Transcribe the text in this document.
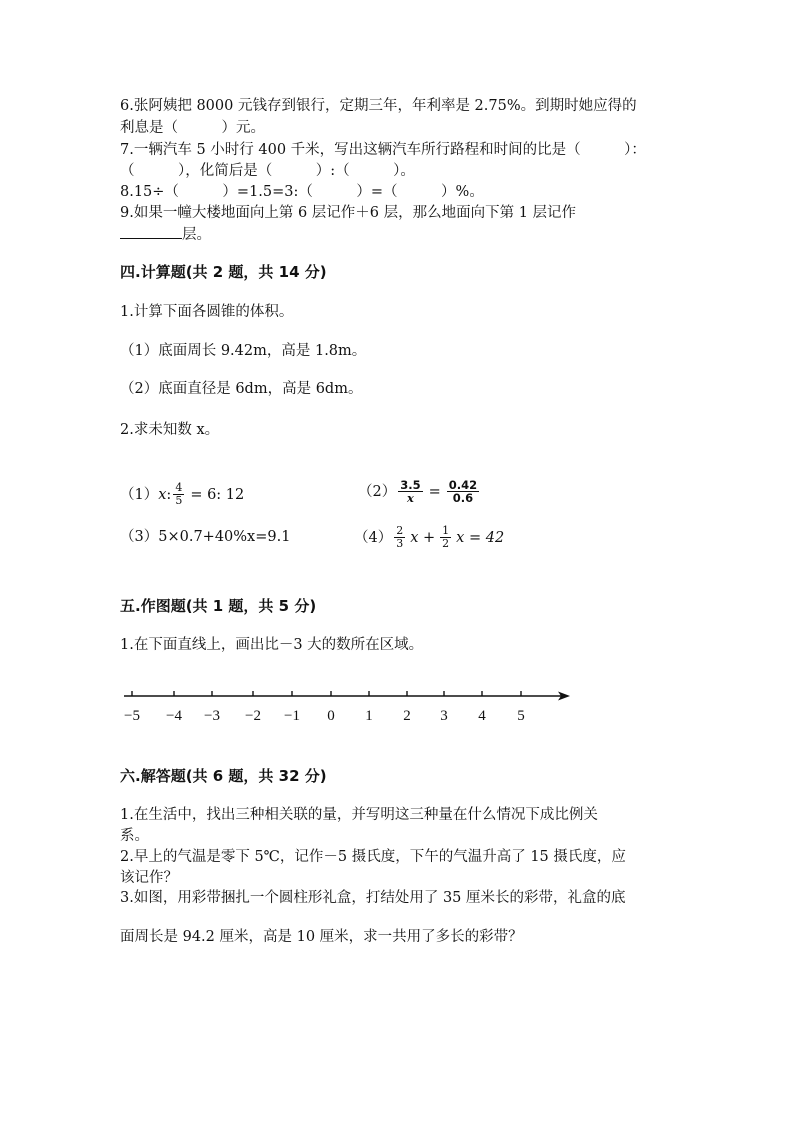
6.张阿姨把 8000 元钱存到银行，定期三年，年利率是 2.75%。到期时她应得的
利息是（　　　）元。
7.一辆汽车 5 小时行 400 千米，写出这辆汽车所行路程和时间的比是（　　　）：
（　　　），化简后是（　　　）:（　　　）。
8.15÷（　　　）=1.5=3:（　　　）=（　　　）%。
9.如果一幢大楼地面向上第 6 层记作＋6 层，那么地面向下第 1 层记作
层。
四.计算题(共 2 题，共 14 分)
1.计算下面各圆锥的体积。
（1）底面周长 9.42m，高是 1.8m。
（2）底面直径是 6dm，高是 6dm。
2.求未知数 x。
（1） x : $\frac{4}{5} = 6$: 12	$(2) \frac{3.5}{x} = \frac{0.42}{0.6}$
（3） 5×0.7+40%x=9.1	$(4) \frac{2}{3}$ $x + \frac{1}{2}$ x = 42
五.作图题(共 1 题，共 5 分)
1.在下面直线上，画出比－3 大的数所在区域。
−5 −4 −3 −2 −1 0 1 2 3 4 5
六.解答题(共 6 题，共 32 分)
1.在生活中，找出三种相关联的量，并写明这三种量在什么情况下成比例关
系。
2.早上的气温是零下 5℃，记作－5 摄氏度，下午的气温升高了 15 摄氏度，应
该记作？
3.如图，用彩带捆扎一个圆柱形礼盒，打结处用了 35 厘米长的彩带，礼盒的底
面周长是 94.2 厘米，高是 10 厘米，求一共用了多长的彩带？
